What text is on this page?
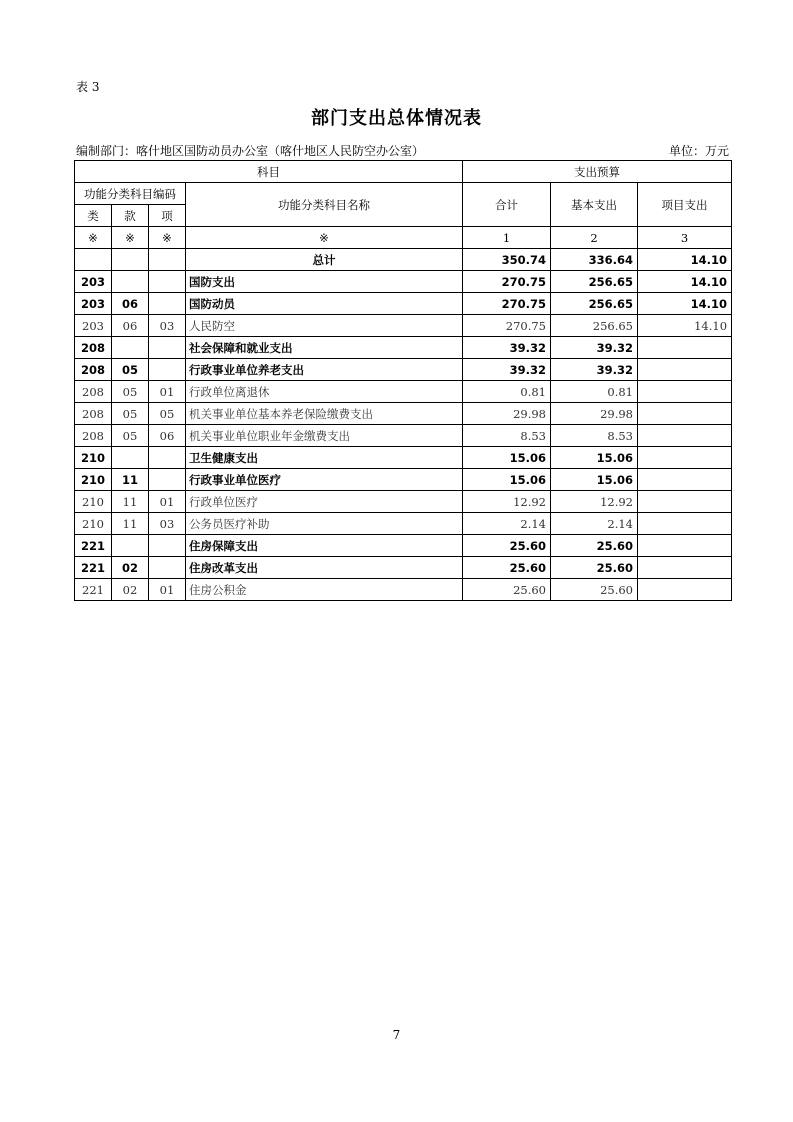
表 3
部门支出总体情况表
编制部门：喀什地区国防动员办公室（喀什地区人民防空办公室）	单位：万元
科目				支出预算		
功能分类科目编码			功能分类科目名称	合计	基本支出	项目支出
类	款	项				
※	※	※	※	1	2	3
			总计	350.74	336.64	14.10
203			国防支出	270.75	256.65	14.10
203	06		国防动员	270.75	256.65	14.10
203	06	03	人民防空	270.75	256.65	14.10
208			社会保障和就业支出	39.32	39.32	
208	05		行政事业单位养老支出	39.32	39.32	
208	05	01	行政单位离退休	0.81	0.81	
208	05	05	机关事业单位基本养老保险缴费支出	29.98	29.98	
208	05	06	机关事业单位职业年金缴费支出	8.53	8.53	
210			卫生健康支出	15.06	15.06	
210	11		行政事业单位医疗	15.06	15.06	
210	11	01	行政单位医疗	12.92	12.92	
210	11	03	公务员医疗补助	2.14	2.14	
221			住房保障支出	25.60	25.60	
221	02		住房改革支出	25.60	25.60	
221	02	01	住房公积金	25.60	25.60	
7
